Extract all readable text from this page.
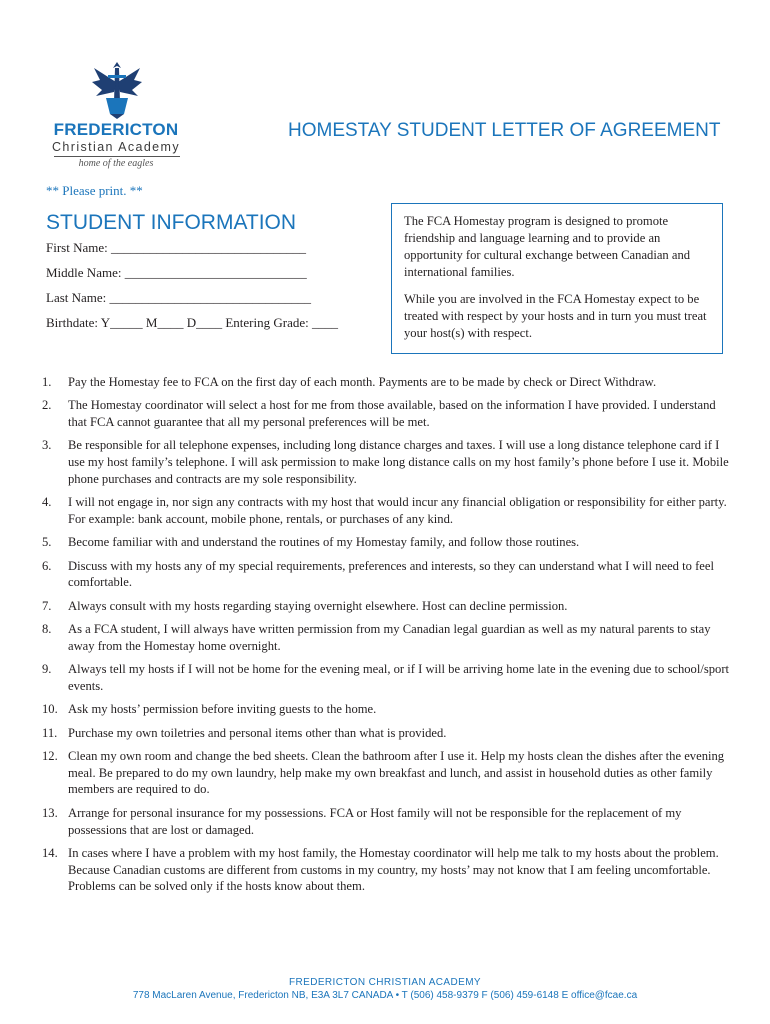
FREDERICTON
Christian Academy
home of the eagles
HOMESTAY STUDENT LETTER OF AGREEMENT
** Please print. **
STUDENT INFORMATION
First Name: ______________________________
Middle Name: ____________________________
Last Name: _______________________________
Birthdate: Y_____ M____ D____ Entering Grade: ____

The FCA Homestay program is designed to promote friendship and language learning and to provide an opportunity for cultural exchange between Canadian and international families.

While you are involved in the FCA Homestay expect to be treated with respect by your hosts and in turn you must treat your host(s) with respect.

1. Pay the Homestay fee to FCA on the first day of each month. Payments are to be made by check or Direct Withdraw.
2. The Homestay coordinator will select a host for me from those available, based on the information I have provided. I understand that FCA cannot guarantee that all my personal preferences will be met.
3. Be responsible for all telephone expenses, including long distance charges and taxes. I will use a long distance telephone card if I use my host family’s telephone. I will ask permission to make long distance calls on my host family’s phone before I use it. Mobile phone purchases and contracts are my sole responsibility.
4. I will not engage in, nor sign any contracts with my host that would incur any financial obligation or responsibility for either party. For example: bank account, mobile phone, rentals, or purchases of any kind.
5. Become familiar with and understand the routines of my Homestay family, and follow those routines.
6. Discuss with my hosts any of my special requirements, preferences and interests, so they can understand what I will need to feel comfortable.
7. Always consult with my hosts regarding staying overnight elsewhere. Host can decline permission.
8. As a FCA student, I will always have written permission from my Canadian legal guardian as well as my natural parents to stay away from the Homestay home overnight.
9. Always tell my hosts if I will not be home for the evening meal, or if I will be arriving home late in the evening due to school/sport events.
10. Ask my hosts’ permission before inviting guests to the home.
11. Purchase my own toiletries and personal items other than what is provided.
12. Clean my own room and change the bed sheets. Clean the bathroom after I use it. Help my hosts clean the dishes after the evening meal. Be prepared to do my own laundry, help make my own breakfast and lunch, and assist in household duties as other family members are required to do.
13. Arrange for personal insurance for my possessions. FCA or Host family will not be responsible for the replacement of my possessions that are lost or damaged.
14. In cases where I have a problem with my host family, the Homestay coordinator will help me talk to my hosts about the problem. Because Canadian customs are different from customs in my country, my hosts’ may not know that I am feeling uncomfortable. Problems can be solved only if the hosts know about them.
FREDERICTON CHRISTIAN ACADEMY
778 MacLaren Avenue, Fredericton NB, E3A 3L7 CANADA • T (506) 458-9379 F (506) 459-6148 E office@fcae.ca
